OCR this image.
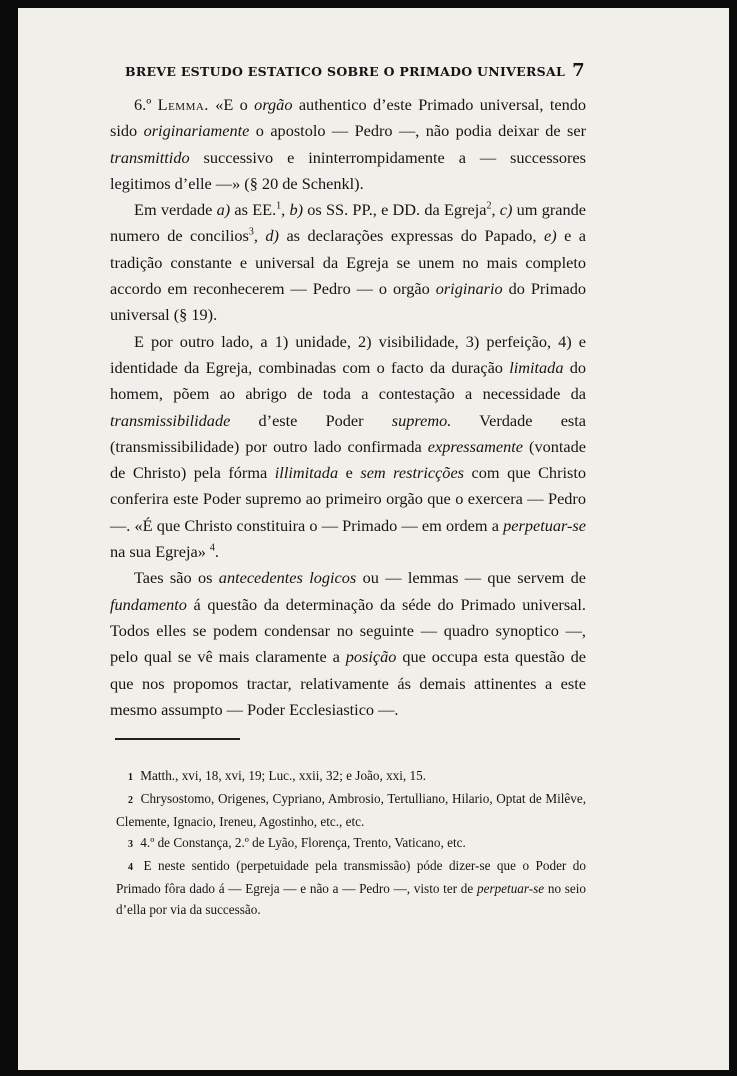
BREVE ESTUDO ESTATICO SOBRE O PRIMADO UNIVERSAL 7

6.º Lemma. «E o orgão authentico d’este Primado universal, tendo sido originariamente o apostolo — Pedro —, não podia deixar de ser transmittido successivo e ininterrompidamente a — successores legitimos d’elle —» (§ 20 de Schenkl).

Em verdade a) as EE.$^1$, b) os SS. PP., e DD. da Egreja$^2$, c) um grande numero de concilios$^3$, d) as declarações expressas do Papado, e) e a tradição constante e universal da Egreja se unem no mais completo accordo em reconhecerem — Pedro — o orgão originario do Primado universal (§ 19).

E por outro lado, a 1) unidade, 2) visibilidade, 3) perfeição, 4) e identidade da Egreja, combinadas com o facto da duração limitada do homem, põem ao abrigo de toda a contestação a necessidade da transmissibilidade d’este Poder supremo. Verdade esta (transmissibilidade) por outro lado confirmada expressamente (vontade de Christo) pela fórma illimitada e sem restricções com que Christo conferira este Poder supremo ao primeiro orgão que o exercera — Pedro —. «É que Christo constituira o — Primado — em ordem a perpetuar-se na sua Egreja» $^4$.

Taes são os antecedentes logicos ou — lemmas — que servem de fundamento á questão da determinação da séde do Primado universal. Todos elles se podem condensar no seguinte — quadro synoptico —, pelo qual se vê mais claramente a posição que occupa esta questão de que nos propomos tractar, relativamente ás demais attinentes a este mesmo assumpto — Poder Ecclesiastico —.

1 Matth., xvi, 18, xvi, 19; Luc., xxii, 32; e João, xxi, 15.

2 Chrysostomo, Origenes, Cypriano, Ambrosio, Tertulliano, Hilario, Optat de Milêve, Clemente, Ignacio, Ireneu, Agostinho, etc., etc.

3 4.º de Constança, 2.º de Lyão, Florença, Trento, Vaticano, etc.

4 E neste sentido (perpetuidade pela transmissão) póde dizer-se que o Poder do Primado fôra dado á — Egreja — e não a — Pedro —, visto ter de perpetuar-se no seio d’ella por via da successão.
